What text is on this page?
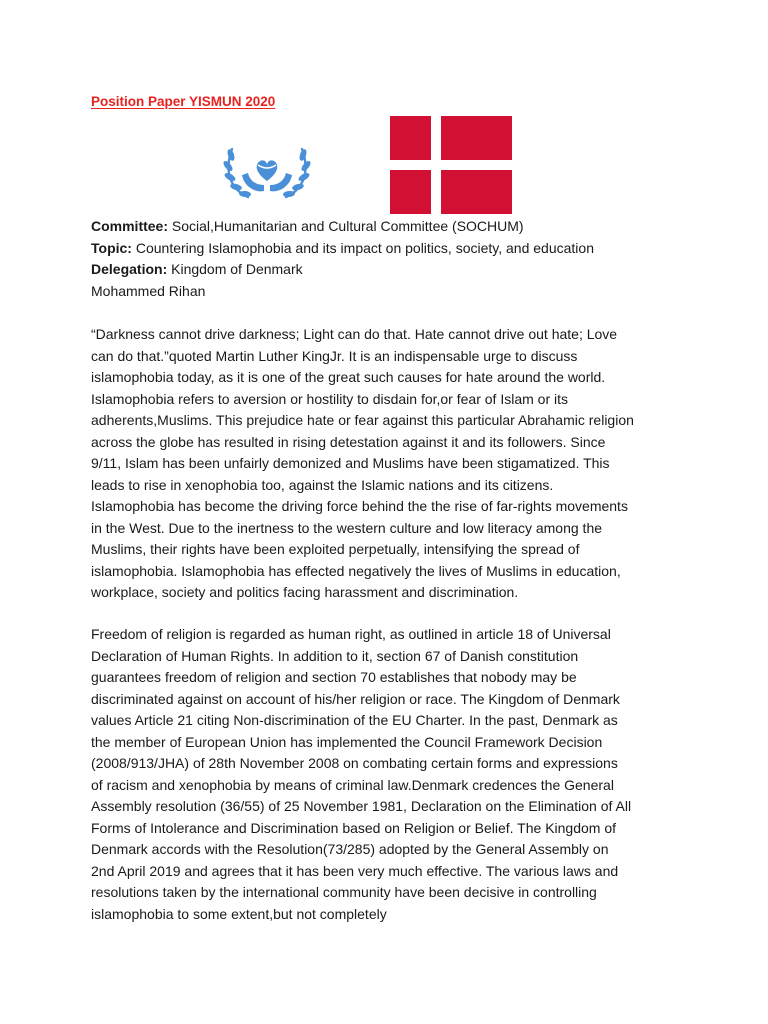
Position Paper YISMUN 2020
Committee: Social,Humanitarian and Cultural Committee (SOCHUM)
Topic: Countering Islamophobia and its impact on politics, society, and education
Delegation: Kingdom of Denmark
Mohammed Rihan

“Darkness cannot drive darkness; Light can do that. Hate cannot drive out hate; Love
can do that.”quoted Martin Luther KingJr. It is an indispensable urge to discuss
islamophobia today, as it is one of the great such causes for hate around the world.
Islamophobia refers to aversion or hostility to disdain for,or fear of Islam or its
adherents,Muslims. This prejudice hate or fear against this particular Abrahamic religion
across the globe has resulted in rising detestation against it and its followers. Since
9/11, Islam has been unfairly demonized and Muslims have been stigamatized. This
leads to rise in xenophobia too, against the Islamic nations and its citizens.
Islamophobia has become the driving force behind the the rise of far-rights movements
in the West. Due to the inertness to the western culture and low literacy among the
Muslims, their rights have been exploited perpetually, intensifying the spread of
islamophobia. Islamophobia has effected negatively the lives of Muslims in education,
workplace, society and politics facing harassment and discrimination.

Freedom of religion is regarded as human right, as outlined in article 18 of Universal
Declaration of Human Rights. In addition to it, section 67 of Danish constitution
guarantees freedom of religion and section 70 establishes that nobody may be
discriminated against on account of his/her religion or race. The Kingdom of Denmark
values Article 21 citing Non-discrimination of the EU Charter. In the past, Denmark as
the member of European Union has implemented the Council Framework Decision
(2008/913/JHA) of 28th November 2008 on combating certain forms and expressions
of racism and xenophobia by means of criminal law.Denmark credences the General
Assembly resolution (36/55) of 25 November 1981, Declaration on the Elimination of All
Forms of Intolerance and Discrimination based on Religion or Belief. The Kingdom of
Denmark accords with the Resolution(73/285) adopted by the General Assembly on
2nd April 2019 and agrees that it has been very much effective. The various laws and
resolutions taken by the international community have been decisive in controlling
islamophobia to some extent,but not completely
